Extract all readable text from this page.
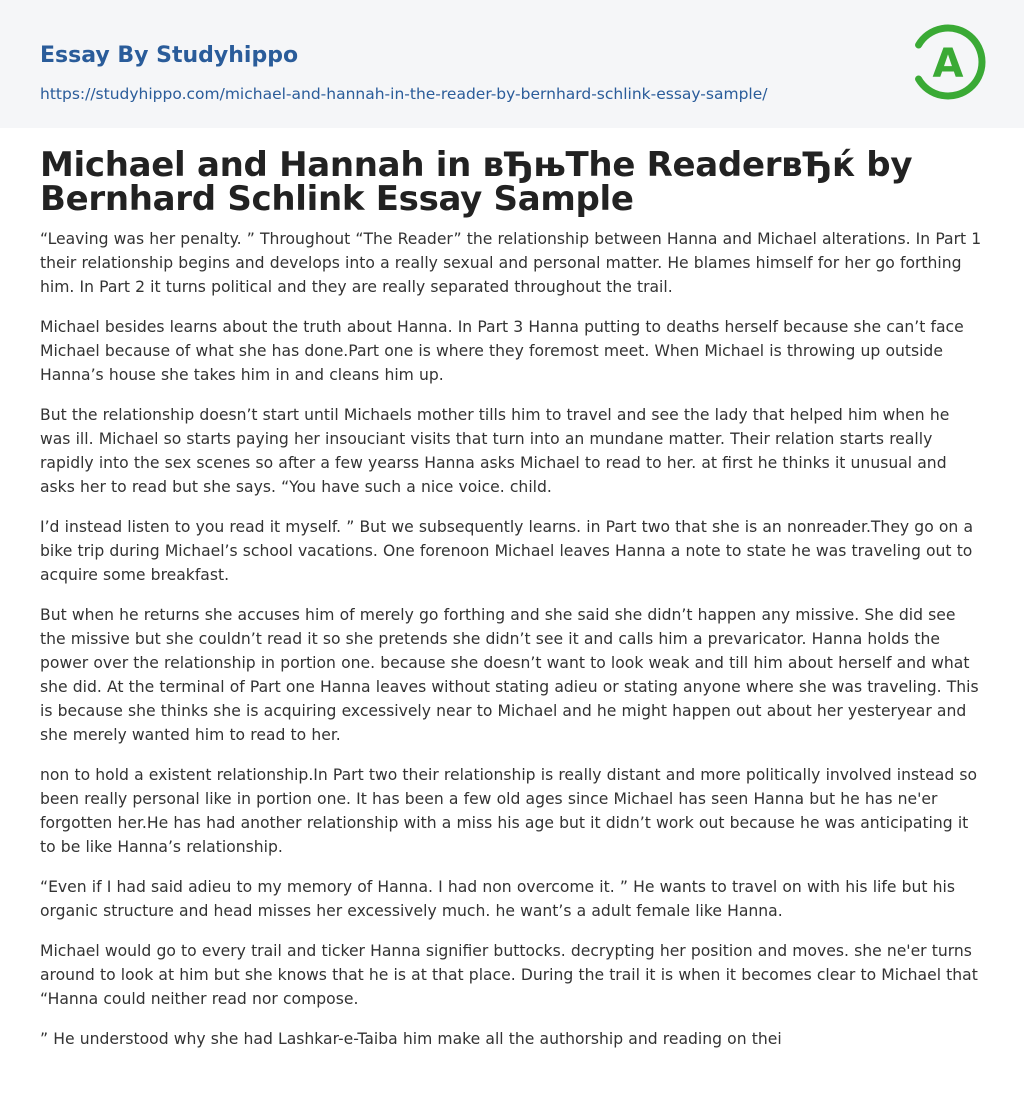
Essay By Studyhippo
https://studyhippo.com/michael-and-hannah-in-the-reader-by-bernhard-schlink-essay-sample/
A
Michael and Hannah in вЂњThe ReaderвЂќ by Bernhard Schlink Essay Sample

“Leaving was her penalty. ” Throughout “The Reader” the relationship between Hanna and Michael alterations. In Part 1 their relationship begins and develops into a really sexual and personal matter. He blames himself for her go forthing him. In Part 2 it turns political and they are really separated throughout the trail.

Michael besides learns about the truth about Hanna. In Part 3 Hanna putting to deaths herself because she can’t face Michael because of what she has done.Part one is where they foremost meet. When Michael is throwing up outside Hanna’s house she takes him in and cleans him up.

But the relationship doesn’t start until Michaels mother tills him to travel and see the lady that helped him when he was ill. Michael so starts paying her insouciant visits that turn into an mundane matter. Their relation starts really rapidly into the sex scenes so after a few yearss Hanna asks Michael to read to her. at first he thinks it unusual and asks her to read but she says. “You have such a nice voice. child.

I’d instead listen to you read it myself. ” But we subsequently learns. in Part two that she is an nonreader.They go on a bike trip during Michael’s school vacations. One forenoon Michael leaves Hanna a note to state he was traveling out to acquire some breakfast.

But when he returns she accuses him of merely go forthing and she said she didn’t happen any missive. She did see the missive but she couldn’t read it so she pretends she didn’t see it and calls him a prevaricator. Hanna holds the power over the relationship in portion one. because she doesn’t want to look weak and till him about herself and what she did. At the terminal of Part one Hanna leaves without stating adieu or stating anyone where she was traveling. This is because she thinks she is acquiring excessively near to Michael and he might happen out about her yesteryear and she merely wanted him to read to her.

non to hold a existent relationship.In Part two their relationship is really distant and more politically involved instead so been really personal like in portion one. It has been a few old ages since Michael has seen Hanna but he has ne'er forgotten her.He has had another relationship with a miss his age but it didn’t work out because he was anticipating it to be like Hanna’s relationship.

“Even if I had said adieu to my memory of Hanna. I had non overcome it. ” He wants to travel on with his life but his organic structure and head misses her excessively much. he want’s a adult female like Hanna.

Michael would go to every trail and ticker Hanna signifier buttocks. decrypting her position and moves. she ne'er turns around to look at him but she knows that he is at that place. During the trail it is when it becomes clear to Michael that “Hanna could neither read nor compose.

” He understood why she had Lashkar-e-Taiba him make all the authorship and reading on thei
